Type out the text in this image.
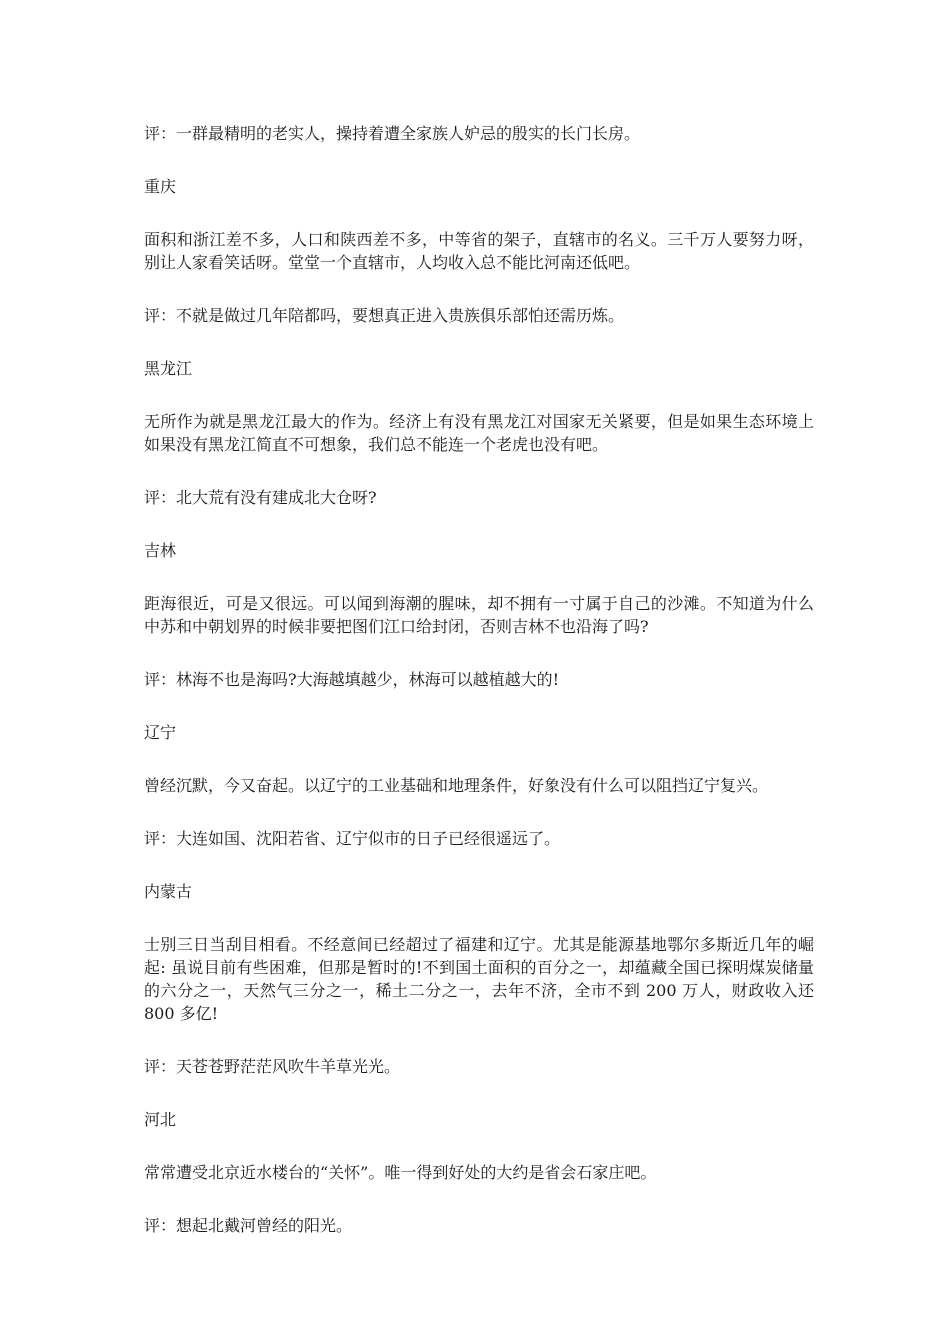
评：一群最精明的老实人，操持着遭全家族人妒忌的殷实的长门长房。

重庆

面积和浙江差不多，人口和陕西差不多，中等省的架子，直辖市的名义。三千万人要努力呀，别让人家看笑话呀。堂堂一个直辖市，人均收入总不能比河南还低吧。

评：不就是做过几年陪都吗，要想真正进入贵族俱乐部怕还需历炼。

黑龙江

无所作为就是黑龙江最大的作为。经济上有没有黑龙江对国家无关紧要，但是如果生态环境上如果没有黑龙江简直不可想象，我们总不能连一个老虎也没有吧。

评：北大荒有没有建成北大仓呀?

吉林

距海很近，可是又很远。可以闻到海潮的腥味，却不拥有一寸属于自己的沙滩。不知道为什么中苏和中朝划界的时候非要把图们江口给封闭，否则吉林不也沿海了吗?

评：林海不也是海吗?大海越填越少，林海可以越植越大的!

辽宁

曾经沉默，今又奋起。以辽宁的工业基础和地理条件，好象没有什么可以阻挡辽宁复兴。

评：大连如国、沈阳若省、辽宁似市的日子已经很遥远了。

内蒙古

士别三日当刮目相看。不经意间已经超过了福建和辽宁。尤其是能源基地鄂尔多斯近几年的崛起: 虽说目前有些困难，但那是暂时的!不到国土面积的百分之一，却蕴藏全国已探明煤炭储量的六分之一，天然气三分之一，稀土二分之一，去年不济，全市不到 200 万人，财政收入还 800 多亿!

评：天苍苍野茫茫风吹牛羊草光光。

河北

常常遭受北京近水楼台的“关怀”。唯一得到好处的大约是省会石家庄吧。

评：想起北戴河曾经的阳光。
